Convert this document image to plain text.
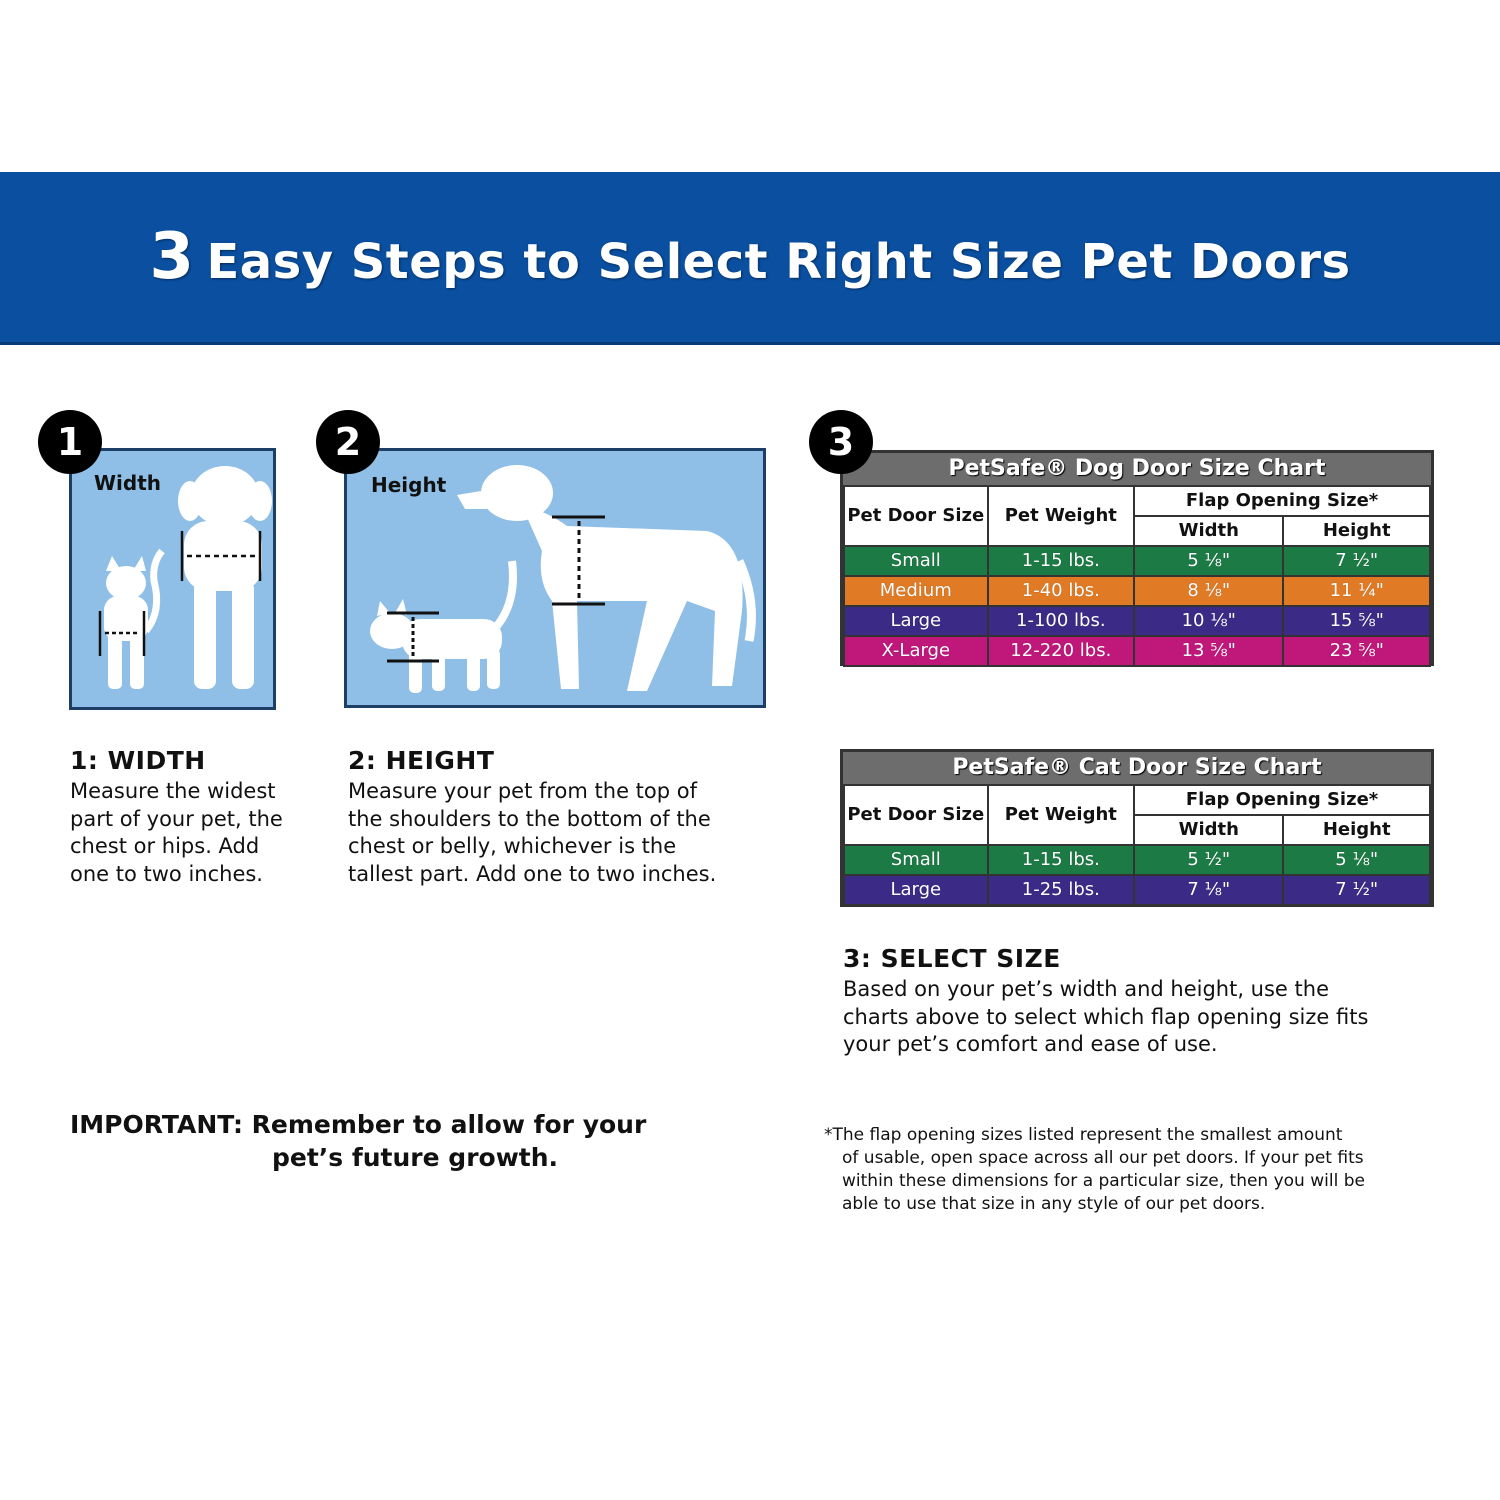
3 Easy Steps to Select Right Size Pet Doors
1
Width
1: WIDTH
Measure the widest
part of your pet, the
chest or hips. Add
one to two inches.
2
Height
2: HEIGHT
Measure your pet from the top of
the shoulders to the bottom of the
chest or belly, whichever is the
tallest part. Add one to two inches.
3
PetSafe® Dog Door Size Chart
Pet Door Size	Pet Weight	Flap Opening Size*	
		Width	Height
Small	1-15 lbs.	5 ⅛"	7 ½"
Medium	1-40 lbs.	8 ⅛"	11 ¼"
Large	1-100 lbs.	10 ⅛"	15 ⅝"
X-Large	12-220 lbs.	13 ⅝"	23 ⅝"
PetSafe® Cat Door Size Chart
Pet Door Size	Pet Weight	Flap Opening Size*	
		Width	Height
Small	1-15 lbs.	5 ½"	5 ⅛"
Large	1-25 lbs.	7 ⅛"	7 ½"
3: SELECT SIZE
Based on your pet’s width and height, use the
charts above to select which flap opening size fits
your pet’s comfort and ease of use.
IMPORTANT: Remember to allow for your
pet’s future growth.
*The flap opening sizes listed represent the smallest amount
of usable, open space across all our pet doors. If your pet fits
within these dimensions for a particular size, then you will be
able to use that size in any style of our pet doors.
